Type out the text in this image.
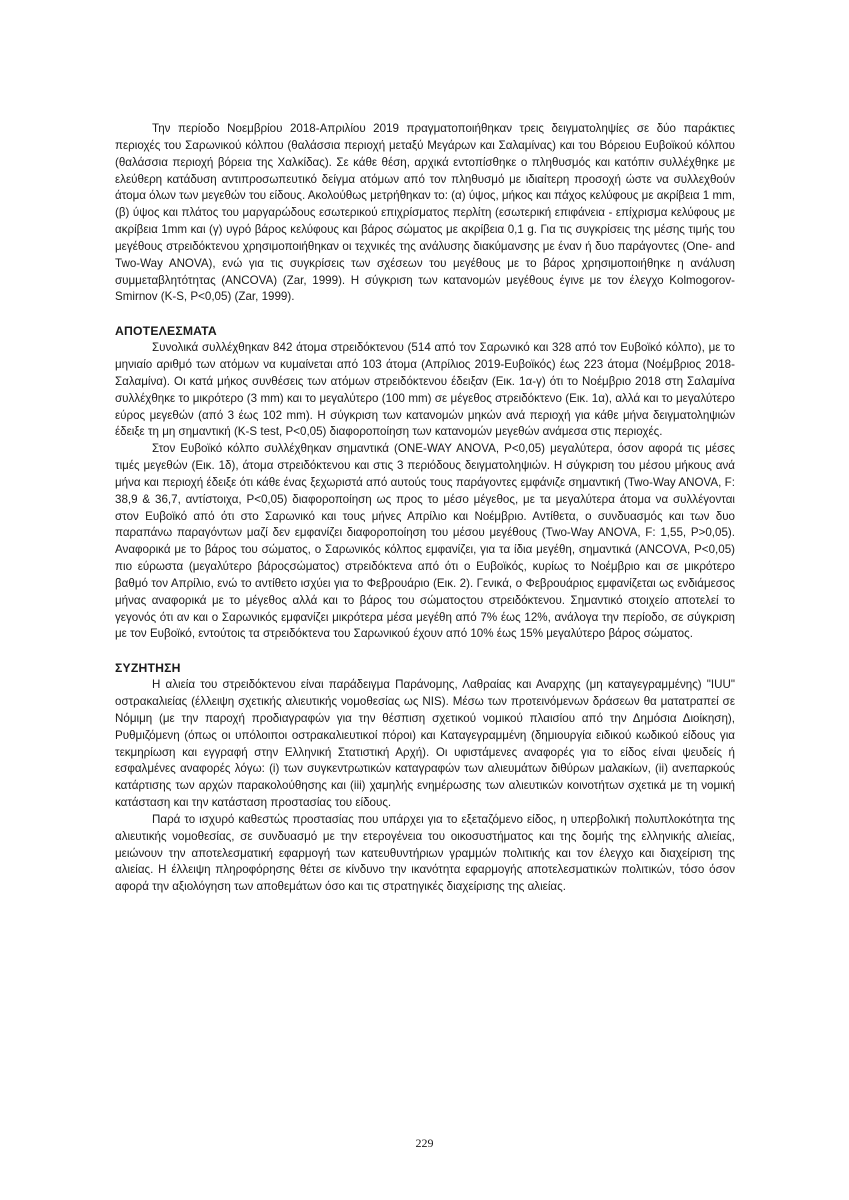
Την περίοδο Νοεμβρίου 2018-Απριλίου 2019 πραγματοποιήθηκαν τρεις δειγματοληψίες σε δύο παράκτιες περιοχές του Σαρωνικού κόλπου (θαλάσσια περιοχή μεταξύ Μεγάρων και Σαλαμίνας) και του Βόρειου Ευβοϊκού κόλπου (θαλάσσια περιοχή βόρεια της Χαλκίδας). Σε κάθε θέση, αρχικά εντοπίσθηκε ο πληθυσμός και κατόπιν συλλέχθηκε με ελεύθερη κατάδυση αντιπροσωπευτικό δείγμα ατόμων από τον πληθυσμό με ιδιαίτερη προσοχή ώστε να συλλεχθούν άτομα όλων των μεγεθών του είδους. Ακολούθως μετρήθηκαν το: (α) ύψος, μήκος και πάχος κελύφους με ακρίβεια 1 mm, (β) ύψος και πλάτος του μαργαρώδους εσωτερικού επιχρίσματος περλίτη (εσωτερική επιφάνεια - επίχρισμα κελύφους με ακρίβεια 1mm και (γ) υγρό βάρος κελύφους και βάρος σώματος με ακρίβεια 0,1 g. Για τις συγκρίσεις της μέσης τιμής του μεγέθους στρειδόκτενου χρησιμοποιήθηκαν οι τεχνικές της ανάλυσης διακύμανσης με έναν ή δυο παράγοντες (One- and Two-Way ANOVA), ενώ για τις συγκρίσεις των σχέσεων του μεγέθους με το βάρος χρησιμοποιήθηκε η ανάλυση συμμεταβλητότητας (ANCOVA) (Zar, 1999). Η σύγκριση των κατανομών μεγέθους έγινε με τον έλεγχο Kolmogorov-Smirnov (K-S, P<0,05) (Zar, 1999).

ΑΠΟΤΕΛΕΣΜΑΤΑ

Συνολικά συλλέχθηκαν 842 άτομα στρειδόκτενου (514 από τον Σαρωνικό και 328 από τον Ευβοϊκό κόλπο), με το μηνιαίο αριθμό των ατόμων να κυμαίνεται από 103 άτομα (Απρίλιος 2019-Ευβοϊκός) έως 223 άτομα (Νοέμβριος 2018-Σαλαμίνα). Οι κατά μήκος συνθέσεις των ατόμων στρειδόκτενου έδειξαν (Εικ. 1α-γ) ότι το Νοέμβριο 2018 στη Σαλαμίνα συλλέχθηκε το μικρότερο (3 mm) και το μεγαλύτερο (100 mm) σε μέγεθος στρειδόκτενο (Εικ. 1α), αλλά και το μεγαλύτερο εύρος μεγεθών (από 3 έως 102 mm). Η σύγκριση των κατανομών μηκών ανά περιοχή για κάθε μήνα δειγματοληψιών έδειξε τη μη σημαντική (K-S test, P<0,05) διαφοροποίηση των κατανομών μεγεθών ανάμεσα στις περιοχές.

Στον Ευβοϊκό κόλπο συλλέχθηκαν σημαντικά (ONE-WAY ANOVA, P<0,05) μεγαλύτερα, όσον αφορά τις μέσες τιμές μεγεθών (Εικ. 1δ), άτομα στρειδόκτενου και στις 3 περιόδους δειγματοληψιών. Η σύγκριση του μέσου μήκους ανά μήνα και περιοχή έδειξε ότι κάθε ένας ξεχωριστά από αυτούς τους παράγοντες εμφάνιζε σημαντική (Two-Way ANOVA, F: 38,9 & 36,7, αντίστοιχα, P<0,05) διαφοροποίηση ως προς το μέσο μέγεθος, με τα μεγαλύτερα άτομα να συλλέγονται στον Ευβοϊκό από ότι στο Σαρωνικό και τους μήνες Απρίλιο και Νοέμβριο. Αντίθετα, ο συνδυασμός και των δυο παραπάνω παραγόντων μαζί δεν εμφανίζει διαφοροποίηση του μέσου μεγέθους (Two-Way ANOVA, F: 1,55, P>0,05). Αναφορικά με το βάρος του σώματος, ο Σαρωνικός κόλπος εμφανίζει, για τα ίδια μεγέθη, σημαντικά (ANCOVA, P<0,05) πιο εύρωστα (μεγαλύτερο βάροςσώματος) στρειδόκτενα από ότι ο Ευβοϊκός, κυρίως το Νοέμβριο και σε μικρότερο βαθμό τον Απρίλιο, ενώ το αντίθετο ισχύει για το Φεβρουάριο (Εικ. 2). Γενικά, ο Φεβρουάριος εμφανίζεται ως ενδιάμεσος μήνας αναφορικά με το μέγεθος αλλά και το βάρος του σώματοςτου στρειδόκτενου. Σημαντικό στοιχείο αποτελεί το γεγονός ότι αν και ο Σαρωνικός εμφανίζει μικρότερα μέσα μεγέθη από 7% έως 12%, ανάλογα την περίοδο, σε σύγκριση με τον Ευβοϊκό, εντούτοις τα στρειδόκτενα του Σαρωνικού έχουν από 10% έως 15% μεγαλύτερο βάρος σώματος.

ΣΥΖΗΤΗΣΗ

Η αλιεία του στρειδόκτενου είναι παράδειγμα Παράνομης, Λαθραίας και Αναρχης (μη καταγεγραμμένης) "IUU" οστρακαλιείας (έλλειψη σχετικής αλιευτικής νομοθεσίας ως NIS). Μέσω των προτεινόμενων δράσεων θα ματατραπεί σε Νόμιμη (με την παροχή προδιαγραφών για την θέσπιση σχετικού νομικού πλαισίου από την Δημόσια Διοίκηση), Ρυθμιζόμενη (όπως οι υπόλοιποι οστρακαλιευτικοί πόροι) και Καταγεγραμμένη (δημιουργία ειδικού κωδικού είδους για τεκμηρίωση και εγγραφή στην Ελληνική Στατιστική Αρχή). Οι υφιστάμενες αναφορές για το είδος είναι ψευδείς ή εσφαλμένες αναφορές λόγω: (i) των συγκεντρωτικών καταγραφών των αλιευμάτων διθύρων μαλακίων, (ii) ανεπαρκούς κατάρτισης των αρχών παρακολούθησης και (iii) χαμηλής ενημέρωσης των αλιευτικών κοινοτήτων σχετικά με τη νομική κατάσταση και την κατάσταση προστασίας του είδους.

Παρά το ισχυρό καθεστώς προστασίας που υπάρχει για το εξεταζόμενο είδος, η υπερβολική πολυπλοκότητα της αλιευτικής νομοθεσίας, σε συνδυασμό με την ετερογένεια του οικοσυστήματος και της δομής της ελληνικής αλιείας, μειώνουν την αποτελεσματική εφαρμογή των κατευθυντήριων γραμμών πολιτικής και τον έλεγχο και διαχείριση της αλιείας. Η έλλειψη πληροφόρησης θέτει σε κίνδυνο την ικανότητα εφαρμογής αποτελεσματικών πολιτικών, τόσο όσον αφορά την αξιολόγηση των αποθεμάτων όσο και τις στρατηγικές διαχείρισης της αλιείας.

229
